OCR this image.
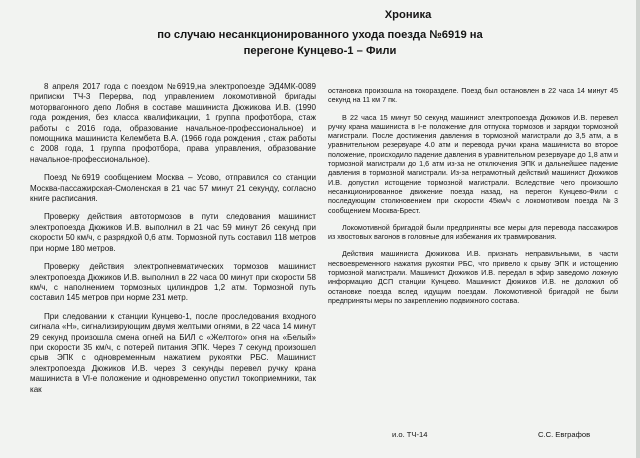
Хроника

по случаю несанкционированного ухода поезда №6919 на

перегоне Кунцево-1 – Фили

8 апреля 2017 года с поездом №6919,на электропоезде ЭД4МК-0089 приписки ТЧ-3 Перерва, под управлением локомотивной бригады моторвагонного депо Лобня в составе машиниста Дюжикова И.В. (1990 года рождения, без класса квалификации, 1 группа профотбора, стаж работы с 2016 года, образование начальное-профессиональное) и помощника машиниста Келембета В.А. (1966 года рождения , стаж работы с 2008 года, 1 группа профотбора, права управления, образование начальное-профессиональное).

Поезд №6919 сообщением Москва – Усово, отправился со станции Москва-пассажирская-Смоленская в 21 час 57 минут 21 секунду, согласно книге расписания.

Проверку действия автотормозов в пути следования машинист электропоезда Дюжиков И.В. выполнил в 21 час 59 минут 26 секунд при скорости 50 км/ч, с разрядкой 0,6 атм. Тормозной путь составил 118 метров при норме 180 метров.

Проверку действия электропневматических тормозов машинист электропоезда Дюжиков И.В. выполнил в 22 часа 00 минут при скорости 58 км/ч, с наполнением тормозных цилиндров 1,2 атм. Тормозной путь составил 145 метров при норме 231 метр.

При следовании к станции Кунцево-1, после проследования входного сигнала «Н», сигнализирующим двумя желтыми огнями, в 22 часа 14 минут 29 секунд произошла смена огней на БИЛ с «Желтого» огня на «Белый» при скорости 35 км/ч, с потерей питания ЭПК. Через 7 секунд произошел срыв ЭПК с одновременным нажатием рукоятки РБС. Машинист электропоезда Дюжиков И.В. через 3 секунды перевел ручку крана машиниста в VI-е положение и одновременно опустил токоприемники, так как

остановка произошла на токоразделе. Поезд был остановлен в 22 часа 14 минут 45 секунд на 11 км 7 пк.

В 22 часа 15 минут 50 секунд машинист электропоезда Дюжиков И.В. перевел ручку крана машиниста в I-е положение для отпуска тормозов и зарядки тормозной магистрали. После достижения давления в тормозной магистрали до 3,5 атм, а в уравнительном резервуаре 4.0 атм и перевода ручки крана машиниста во второе положение, происходило падение давления в уравнительном резервуаре до 1,8 атм и тормозной магистрали до 1,6 атм из-за не отключения ЭПК и дальнейшее падение давления в тормозной магистрали. Из-за неграмотный действий машинист Дюжиков И.В. допустил истощение тормозной магистрали. Вследствие чего произошло несанкционированное движение поезда назад, на перегон Кунцево-Фили с последующим столкновением при скорости 45км/ч с локомотивом поезда №3 сообщением Москва-Брест.

Локомотивной бригадой были предприняты все меры для перевода пассажиров из хвостовых вагонов в головные для избежания их травмирования.

Действия машиниста Дюжикова И.В. признать неправильными, в части несвоевременного нажатия рукоятки РБС, что привело к срыву ЭПК и истощению тормозной магистрали. Машинист Дюжиков И.В. передал в эфир заведомо ложную информацию ДСП станции Кунцево. Машинист Дюжиков И.В. не доложил об остановке поезда вслед идущим поездам. Локомотивной бригадой не были предприняты меры по закреплению подвижного состава.

и.о. ТЧ-14	С.С. Евграфов
